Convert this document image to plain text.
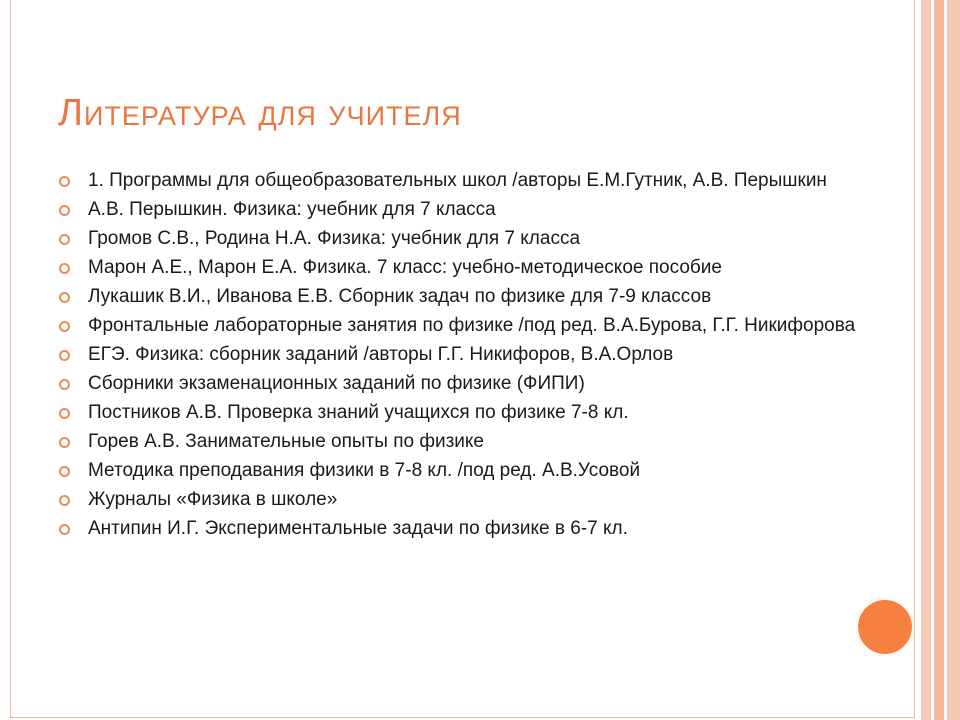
Литература для учителя
1. Программы для общеобразовательных школ /авторы Е.М.Гутник, А.В. Перышкин
А.В. Перышкин. Физика: учебник для 7 класса
Громов С.В., Родина Н.А. Физика: учебник для 7 класса
Марон А.Е., Марон Е.А. Физика. 7 класс: учебно-методическое пособие
Лукашик В.И., Иванова Е.В. Сборник задач по физике для 7-9 классов
Фронтальные лабораторные занятия по физике /под ред. В.А.Бурова, Г.Г. Никифорова
ЕГЭ. Физика: сборник заданий /авторы Г.Г. Никифоров, В.А.Орлов
Сборники экзаменационных заданий по физике (ФИПИ)
Постников А.В. Проверка знаний учащихся по физике 7-8 кл.
Горев А.В. Занимательные опыты по физике
Методика преподавания физики в 7-8 кл. /под ред. А.В.Усовой
Журналы «Физика в школе»
Антипин И.Г. Экспериментальные задачи по физике в 6-7 кл.
